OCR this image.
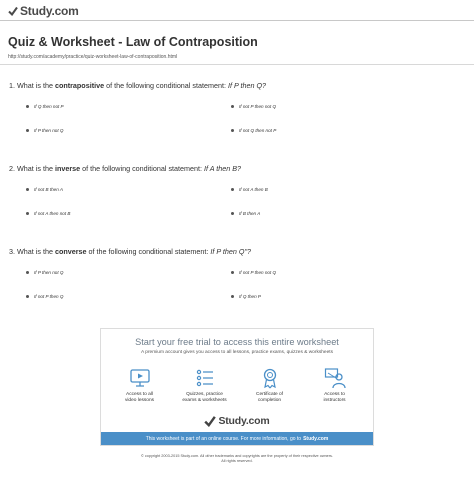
Study.com
Quiz & Worksheet - Law of Contraposition
http://study.com/academy/practice/quiz-worksheet-law-of-contraposition.html
1. What is the contrapositive of the following conditional statement: If P then Q?
If Q then not P	If not P then not Q
If P then not Q	If not Q then not P
2. What is the inverse of the following conditional statement: If A then B?
If not B then A	If not A then B
If not A then not B	If B then A
3. What is the converse of the following conditional statement: If P then Q"?
If P then not Q	If not P then not Q
If not P then Q	If Q then P
Start your free trial to access this entire worksheet
A premium account gives you access to all lessons, practice exams, quizzes & worksheets
Access to all
video lessons
Quizzes, practice
exams & worksheets
Certificate of
completion
Access to
instructors
Study.com
This worksheet is part of an online course. For more information, go to Study.com
© copyright 2003-2015 Study.com. All other trademarks and copyrights are the property of their respective owners.
All rights reserved.
